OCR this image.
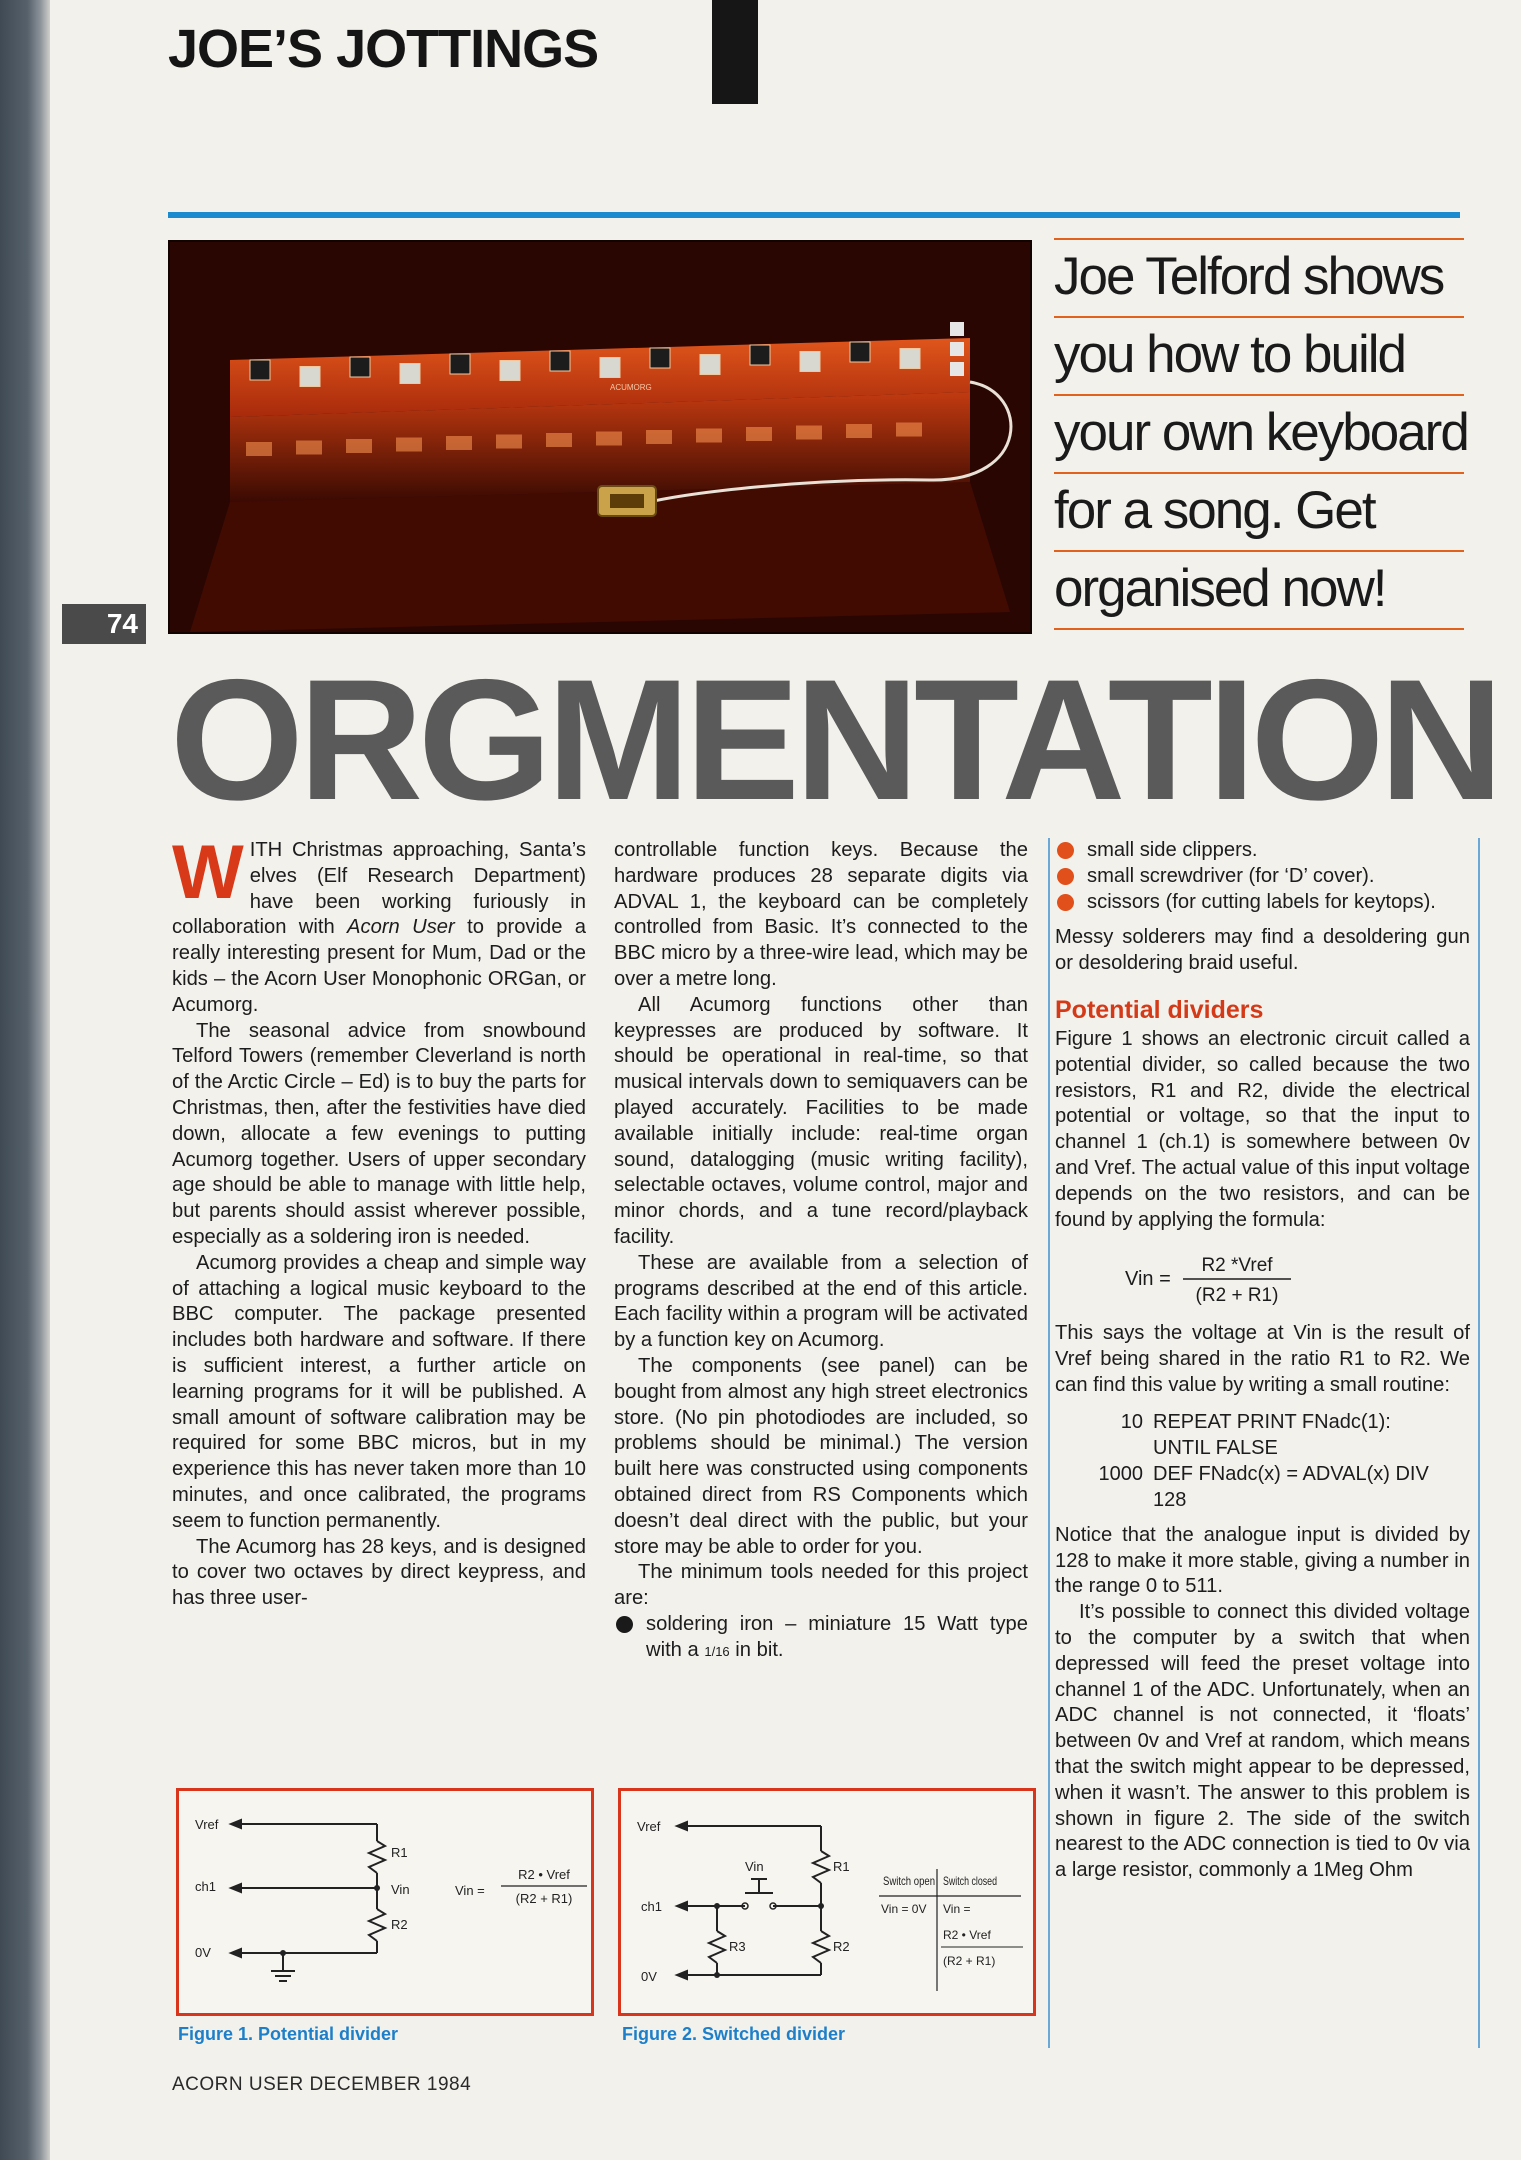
JOE’S JOTTINGS
ACUMORG
74
Joe Telford shows
you how to build
your own keyboard
for a song. Get
organised now!
ORGMENTATION

WITH Christmas approaching, Santa’s elves (Elf Research Department) have been working furiously in collaboration with Acorn User to provide a really interesting present for Mum, Dad or the kids – the Acorn User Monophonic ORGan, or Acumorg.

The seasonal advice from snowbound Telford Towers (remember Cleverland is north of the Arctic Circle – Ed) is to buy the parts for Christmas, then, after the festivities have died down, allocate a few evenings to putting Acumorg together. Users of upper secondary age should be able to manage with little help, but parents should assist wherever possible, especially as a soldering iron is needed.

Acumorg provides a cheap and simple way of attaching a logical music keyboard to the BBC computer. The package presented includes both hardware and software. If there is sufficient interest, a further article on learning programs for it will be published. A small amount of software calibration may be required for some BBC micros, but in my experience this has never taken more than 10 minutes, and once calibrated, the programs seem to function permanently.

The Acumorg has 28 keys, and is designed to cover two octaves by direct keypress, and has three user-

controllable function keys. Because the hardware produces 28 separate digits via ADVAL 1, the keyboard can be completely controlled from Basic. It’s connected to the BBC micro by a three-wire lead, which may be over a metre long.

All Acumorg functions other than keypresses are produced by software. It should be operational in real-time, so that musical intervals down to semiquavers can be played accurately. Facilities to be made available initially include: real-time organ sound, datalogging (music writing facility), selectable octaves, volume control, major and minor chords, and a tune record/playback facility.

These are available from a selection of programs described at the end of this article. Each facility within a program will be activated by a function key on Acumorg.

The components (see panel) can be bought from almost any high street electronics store. (No pin photodiodes are included, so problems should be minimal.) The version built here was constructed using components obtained direct from RS Components which doesn’t deal direct with the public, but your store may be able to order for you.

The minimum tools needed for this project are:

soldering iron – miniature 15 Watt type with a 1/16 in bit.
small side clippers.
small screwdriver (for ‘D’ cover).
scissors (for cutting labels for keytops).

Messy solderers may find a desoldering gun or desoldering braid useful.

Potential dividers

Figure 1 shows an electronic circuit called a potential divider, so called because the two resistors, R1 and R2, divide the electrical potential or voltage, so that the input to channel 1 (ch.1) is somewhere between 0v and Vref. The actual value of this input voltage depends on the two resistors, and can be found by applying the formula:

Vin =
R2 *Vref
(R2 + R1)

This says the voltage at Vin is the result of Vref being shared in the ratio R1 to R2. We can find this value by writing a small routine:

10 REPEAT PRINT FNadc(1):
UNTIL FALSE
1000 DEF FNadc(x) = ADVAL(x) DIV
128

Notice that the analogue input is divided by 128 to make it more stable, giving a number in the range 0 to 511.

It’s possible to connect this divided voltage to the computer by a switch that when depressed will feed the preset voltage into channel 1 of the ADC. Unfortunately, when an ADC channel is not connected, it ‘floats’ between 0v and Vref at random, which means that the switch might appear to be depressed, when it wasn’t. The answer to this problem is shown in figure 2. The side of the switch nearest to the ADC connection is tied to 0v via a large resistor, commonly a 1Meg Ohm

Vref
ch1
0V
R1
Vin
R2
Vin =
R2 • Vref
(R2 + R1)
Figure 1. Potential divider
Vref
ch1
0V
Vin	R1
R2
R3
Switch open Switch closed
Vin = 0V Vin =
R2 • Vref
(R2 + R1)
Figure 2. Switched divider
ACORN USER DECEMBER 1984
